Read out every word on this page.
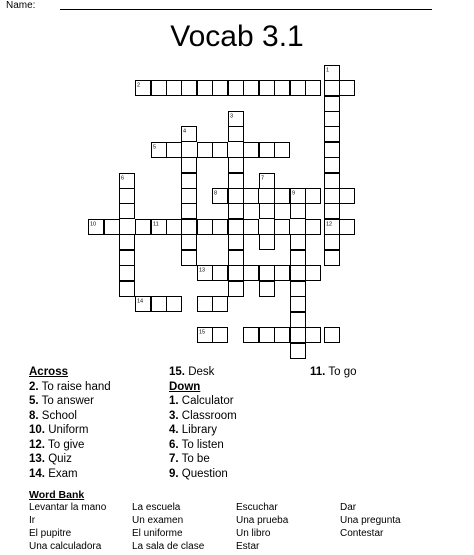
Name:
Vocab 3.1
1
2
3
4
5
6	7
8	9
10	11	12
13
14
15
Across
2. To raise hand
5. To answer
8. School
10. Uniform
12. To give
13. Quiz
14. Exam
15. Desk
Down
1. Calculator
3. Classroom
4. Library
6. To listen
7. To be
9. Question
11. To go
Word Bank
Levantar la mano	La escuela	Escuchar	Dar
Ir	Un examen	Una prueba	Una pregunta
El pupitre	El uniforme	Un libro	Contestar
Una calculadora	La sala de clase	Estar
